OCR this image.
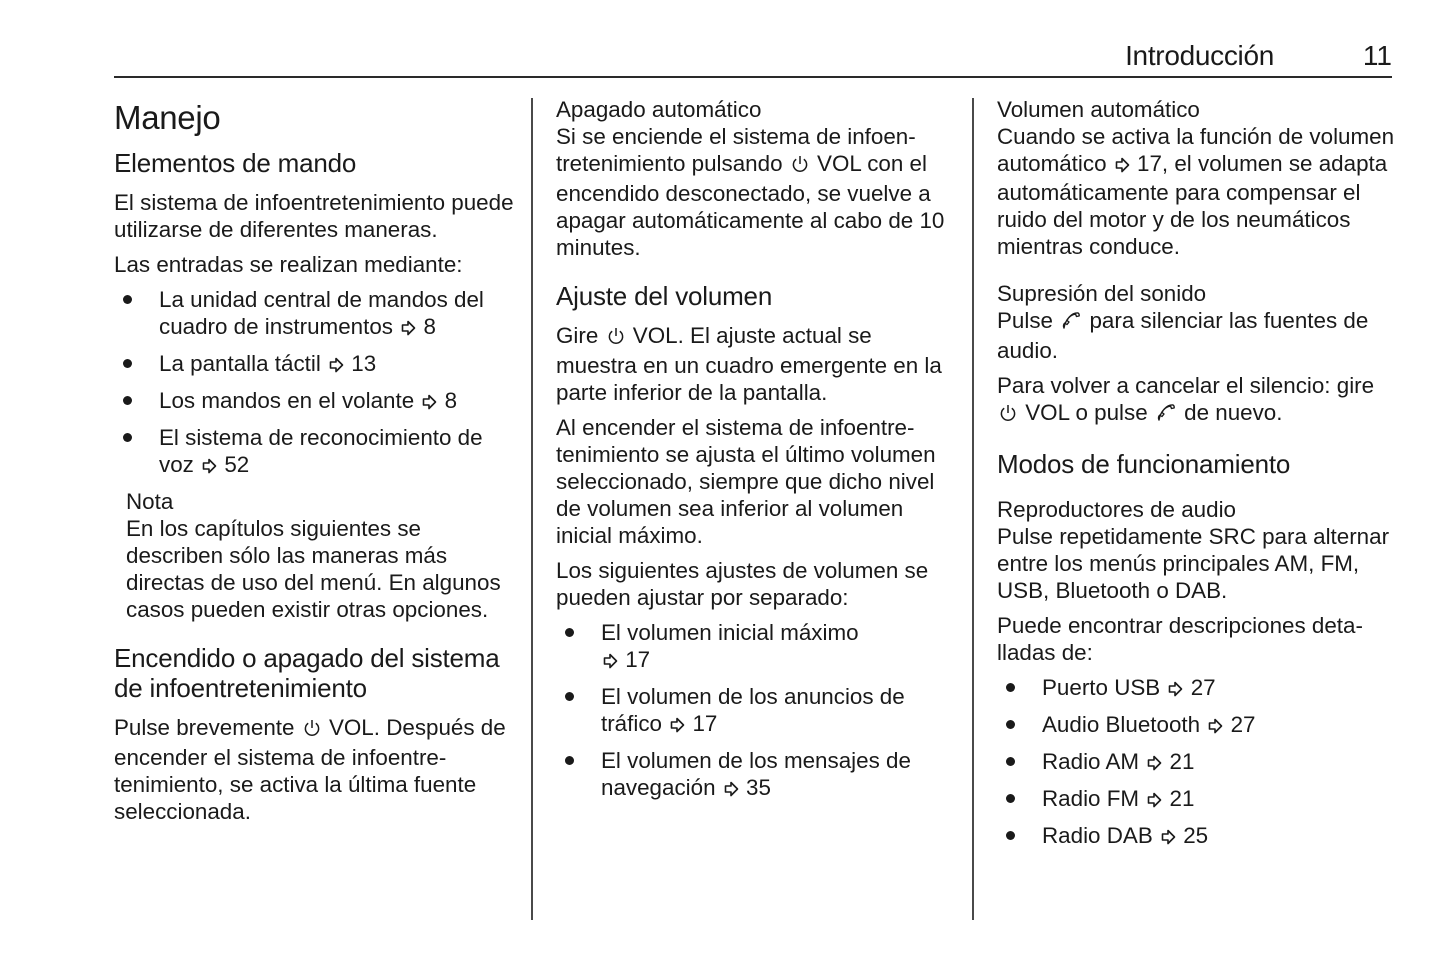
Introducción	11
Manejo
Elementos de mando

El sistema de infoentretenimiento puede utilizarse de diferentes maneras.

Las entradas se realizan mediante:

La unidad central de mandos del cuadro de instrumentos 8
La pantalla táctil 13
Los mandos en el volante 8
El sistema de reconocimiento de voz 52
Nota
En los capítulos siguientes se describen sólo las maneras más directas de uso del menú. En algunos casos pueden existir otras opciones.
Encendido o apagado del sistema de infoentretenimiento

Pulse brevemente VOL. Después de encender el sistema de infoentretenimiento, se activa la última fuente seleccionada.

Apagado automático

Si se enciende el sistema de infoentretenimiento pulsando VOL con el encendido desconectado, se vuelve a apagar automáticamente al cabo de 10 minutes.

Ajuste del volumen

Gire VOL. El ajuste actual se muestra en un cuadro emergente en la parte inferior de la pantalla.

Al encender el sistema de infoentretenimiento se ajusta el último volumen seleccionado, siempre que dicho nivel de volumen sea inferior al volumen inicial máximo.

Los siguientes ajustes de volumen se pueden ajustar por separado:

El volumen inicial máximo
17
El volumen de los anuncios de tráfico 17
El volumen de los mensajes de navegación 35
Volumen automático

Cuando se activa la función de volumen automático 17, el volumen se adapta automáticamente para compensar el ruido del motor y de los neumáticos mientras conduce.

Supresión del sonido

Pulse para silenciar las fuentes de audio.

Para volver a cancelar el silencio: gire  VOL o pulse de nuevo.

Modos de funcionamiento
Reproductores de audio

Pulse repetidamente SRC para alternar entre los menús principales AM, FM, USB, Bluetooth o DAB.

Puede encontrar descripciones detalladas de:

Puerto USB 27
Audio Bluetooth 27
Radio AM 21
Radio FM 21
Radio DAB 25
